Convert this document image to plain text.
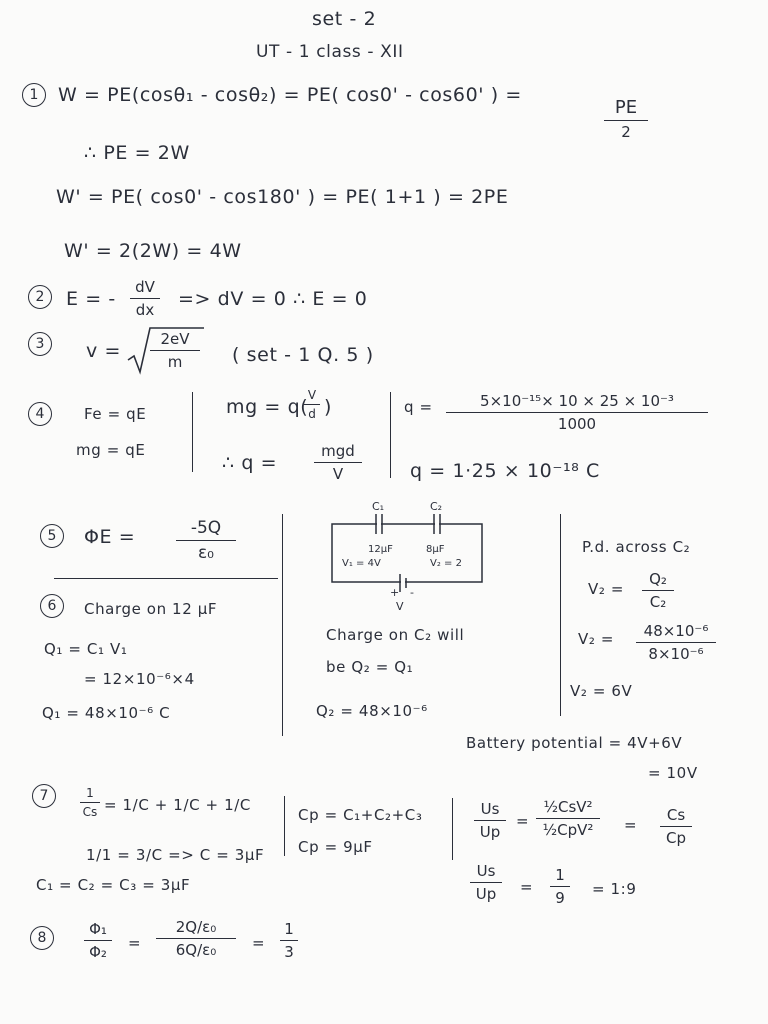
set - 2
UT - 1 class - XII
1	W = PE(cosθ₁ - cosθ₂) = PE( cos0' - cos60' ) =
PE
2
∴ PE = 2W
W' = PE( cos0' - cos180' ) = PE( 1+1 ) = 2PE
W' = 2(2W) = 4W
2	E = -
dV
dx	=> dV = 0 ∴ E = 0
3	v =
2eV
m	( set - 1 Q. 5 )
4	Fe = qE
mg = qE
mg = q(
V
d )
∴ q =
mgd
V
q =	5×10⁻¹⁵× 10 × 25 × 10⁻³
1000
q = 1·25 × 10⁻¹⁸ C
5	ΦE =	-5Q
ε₀
6	Charge on 12 μF
Q₁ = C₁ V₁
= 12×10⁻⁶×4
Q₁ = 48×10⁻⁶ C
C₁	C₂
12μF	8μF
V₁ = 4V	V₂ = 2
+ -
V
Charge on C₂ will
be Q₂ = Q₁
Q₂ = 48×10⁻⁶
P.d. across C₂
V₂ =
Q₂
C₂
V₂ =	48×10⁻⁶
8×10⁻⁶
V₂ = 6V
Battery potential = 4V+6V
= 10V
7	1
Cs = 1/C + 1/C + 1/C
1/1 = 3/C => C = 3μF
C₁ = C₂ = C₃ = 3μF
Cp = C₁+C₂+C₃
Cp = 9μF
Us
Up
=
½CsV²
½CpV²	=
Cs
Cp
Us
Up	=
1
9	= 1:9
8	Φ₁
Φ₂	=
2Q/ε₀
6Q/ε₀	=
1
3
